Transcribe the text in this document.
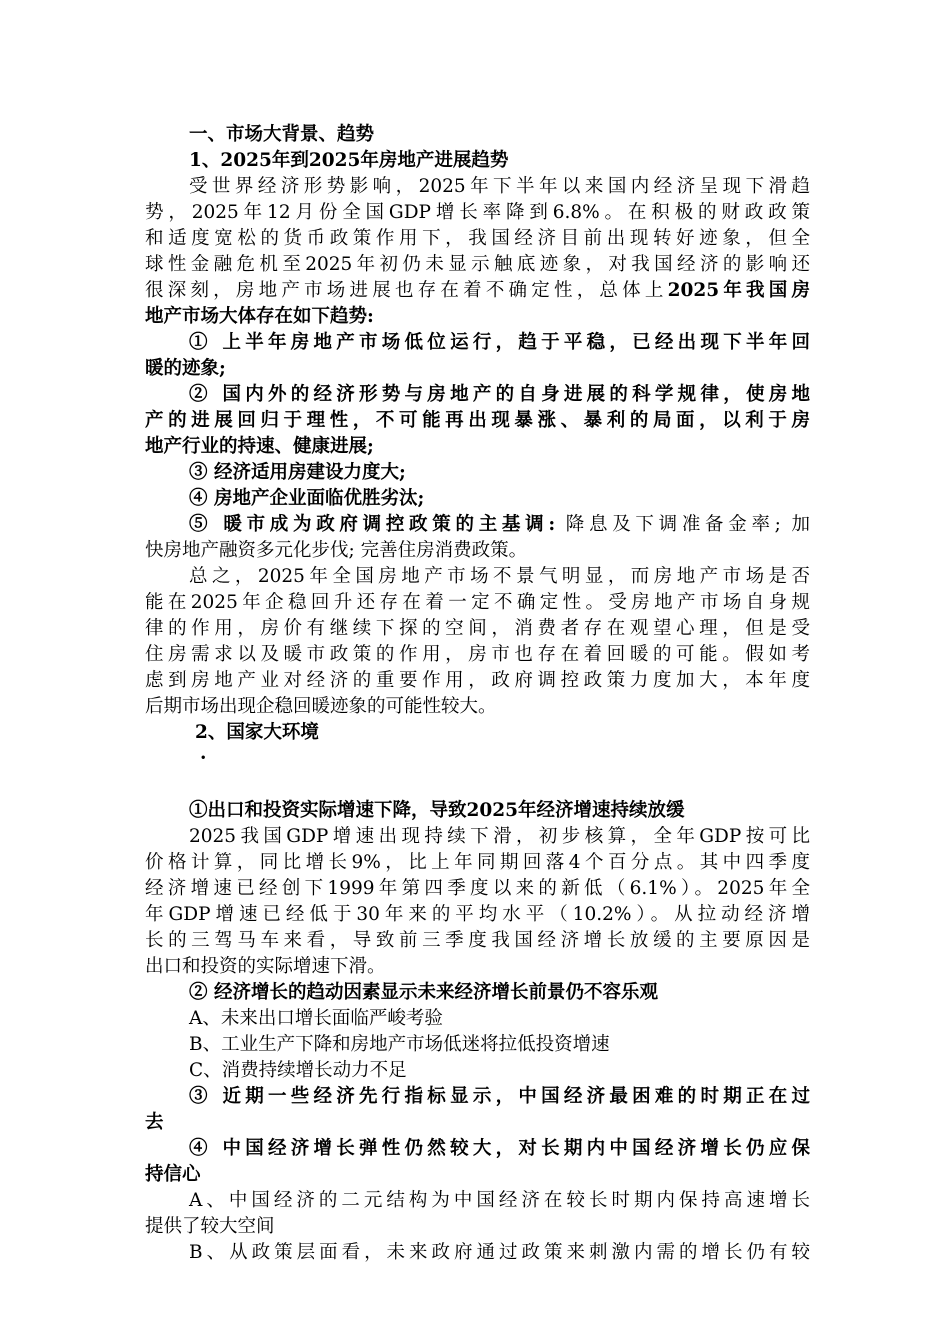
一、市场大背景、趋势
1、2025年到2025年房地产进展趋势
受世界经济形势影响，2025年下半年以来国内经济呈现下滑趋
势，2025年12月份全国GDP增长率降到6.8%。在积极的财政政策
和适度宽松的货币政策作用下，我国经济目前出现转好迹象，但全
球性金融危机至2025年初仍未显示触底迹象，对我国经济的影响还
很深刻，房地产市场进展也存在着不确定性，总体上2025年我国房
地产市场大体存在如下趋势:
① 上半年房地产市场低位运行，趋于平稳，已经出现下半年回
暖的迹象;
② 国内外的经济形势与房地产的自身进展的科学规律，使房地
产的进展回归于理性，不可能再出现暴涨、暴利的局面，以利于房
地产行业的持速、健康进展;
③ 经济适用房建设力度大;
④ 房地产企业面临优胜劣汰;
⑤ 暖市成为政府调控政策的主基调: 降息及下调准备金率; 加
快房地产融资多元化步伐; 完善住房消费政策。
总之，2025年全国房地产市场不景气明显，而房地产市场是否
能在2025年企稳回升还存在着一定不确定性。受房地产市场自身规
律的作用，房价有继续下探的空间，消费者存在观望心理，但是受
住房需求以及暖市政策的作用，房市也存在着回暖的可能。假如考
虑到房地产业对经济的重要作用，政府调控政策力度加大，本年度
后期市场出现企稳回暖迹象的可能性较大。
2、国家大环境
·
①出口和投资实际增速下降，导致2025年经济增速持续放缓
2025我国GDP增速出现持续下滑，初步核算，全年GDP按可比
价格计算，同比增长9%，比上年同期回落4个百分点。其中四季度
经济增速已经创下1999年第四季度以来的新低（6.1%）。2025年全
年GDP增速已经低于30年来的平均水平（10.2%）。从拉动经济增
长的三驾马车来看，导致前三季度我国经济增长放缓的主要原因是
出口和投资的实际增速下滑。
② 经济增长的趋动因素显示未来经济增长前景仍不容乐观
A、未来出口增长面临严峻考验
B、工业生产下降和房地产市场低迷将拉低投资增速
C、消费持续增长动力不足
③ 近期一些经济先行指标显示，中国经济最困难的时期正在过
去
④ 中国经济增长弹性仍然较大，对长期内中国经济增长仍应保
持信心
A、中国经济的二元结构为中国经济在较长时期内保持高速增长
提供了较大空间
B、从政策层面看，未来政府通过政策来刺激内需的增长仍有较
